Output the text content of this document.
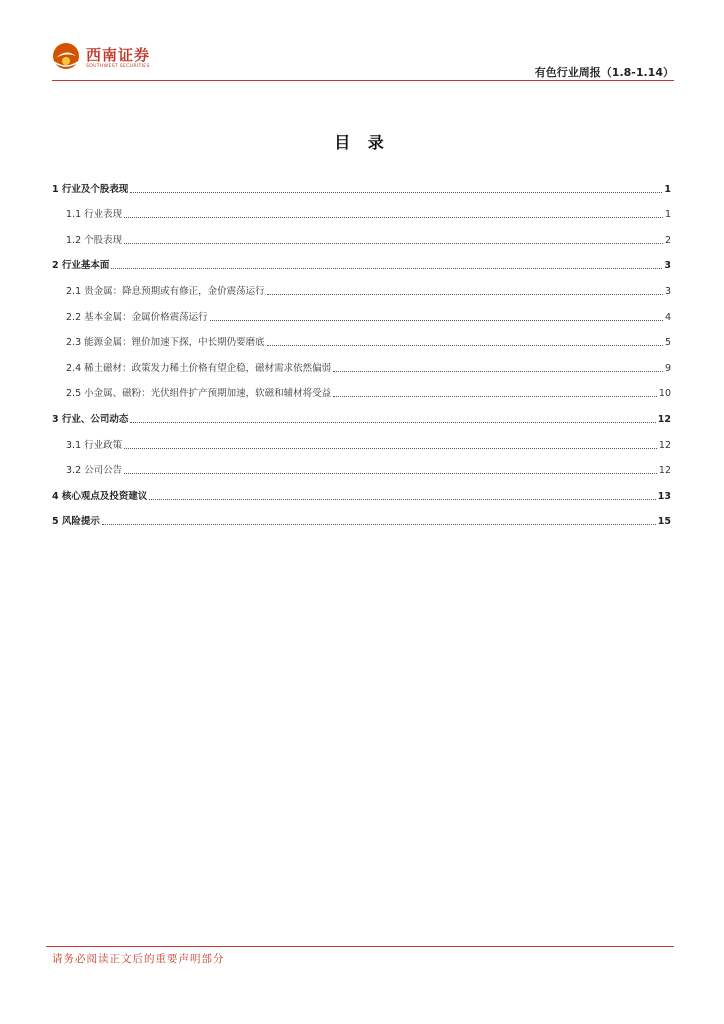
西南证券
SOUTHWEST SECURITIES	有色行业周报（1.8-1.14）
目 录
1 行业及个股表现	1
1.1 行业表现	1
1.2 个股表现	2
2 行业基本面	3
2.1 贵金属：降息预期或有修正，金价震荡运行	3
2.2 基本金属：金属价格震荡运行	4
2.3 能源金属：锂价加速下探，中长期仍要磨底	5
2.4 稀土磁材：政策发力稀土价格有望企稳，磁材需求依然偏弱	9
2.5 小金属、磁粉：光伏组件扩产预期加速，软磁和辅材将受益	10
3 行业、公司动态	12
3.1 行业政策	12
3.2 公司公告	12
4 核心观点及投资建议	13
5 风险提示	15
请务必阅读正文后的重要声明部分
